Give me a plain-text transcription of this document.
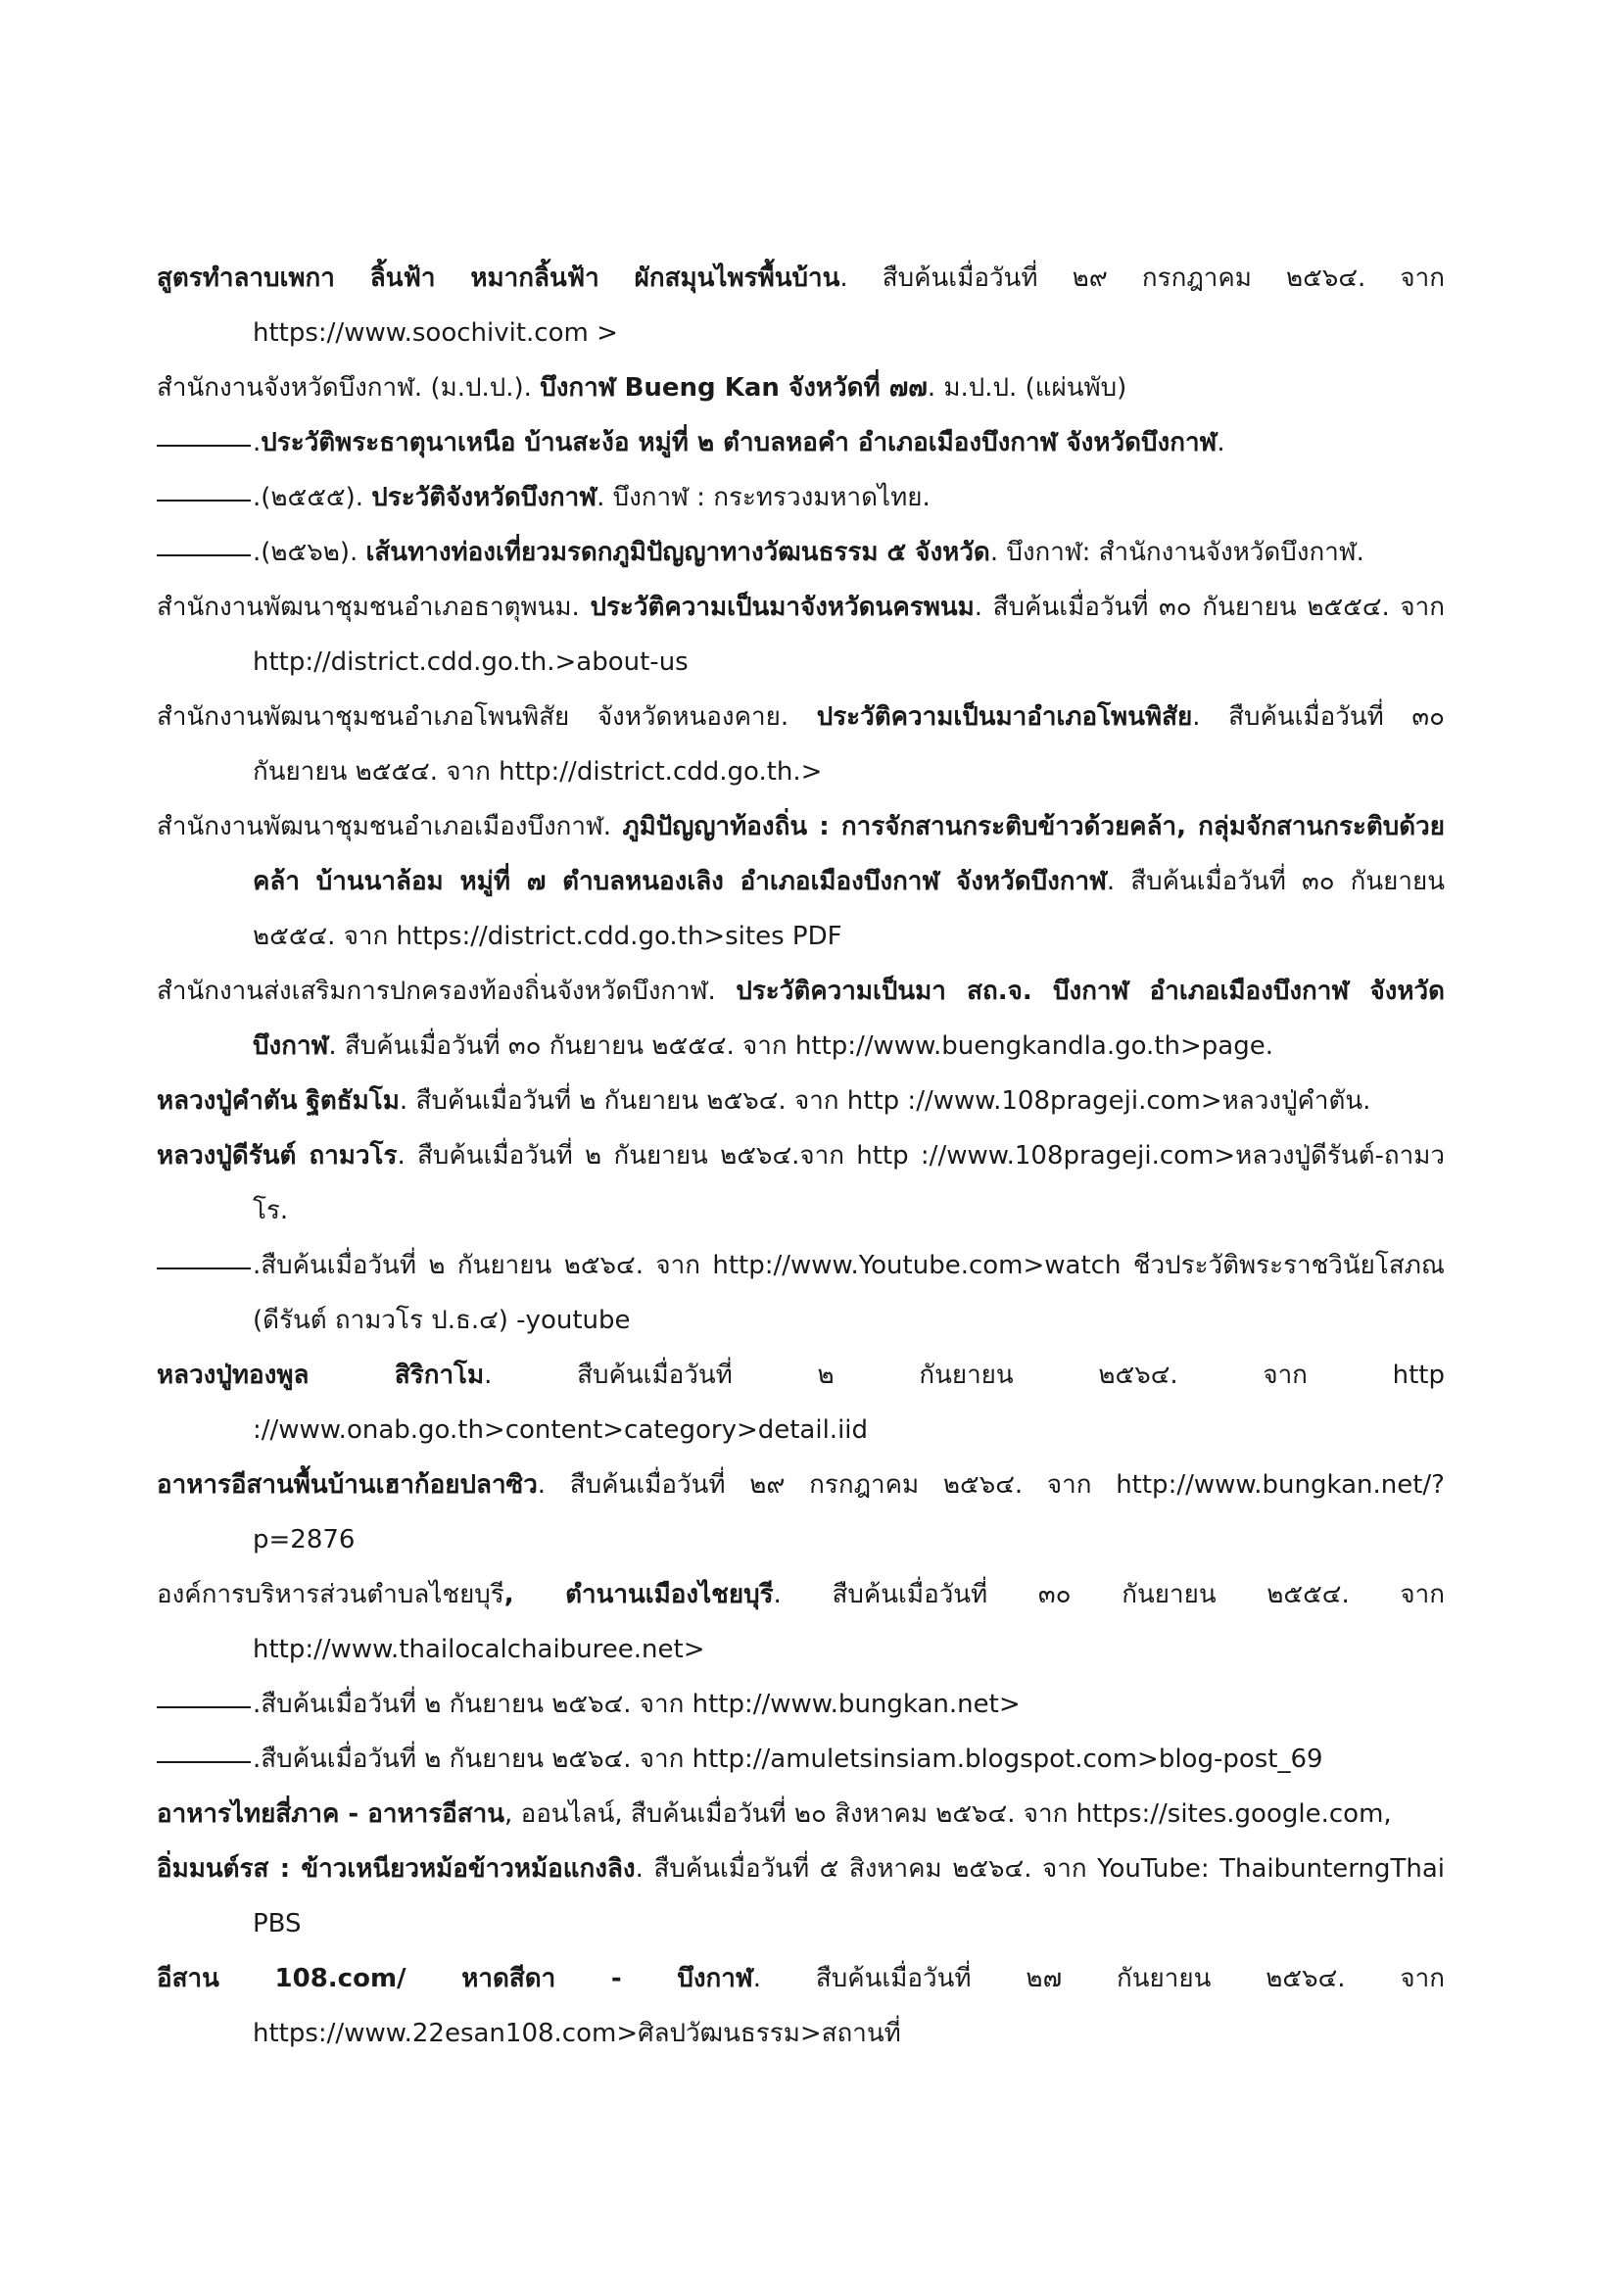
สูตรทำลาบเพกา ลิ้นฟ้า หมากลิ้นฟ้า ผักสมุนไพรพื้นบ้าน. สืบค้นเมื่อวันที่ ๒๙ กรกฎาคม ๒๕๖๔. จาก https://www.soochivit.com >
สำนักงานจังหวัดบึงกาฬ. (ม.ป.ป.). บึงกาฬ Bueng Kan จังหวัดที่ ๗๗. ม.ป.ป. (แผ่นพับ)
.ประวัติพระธาตุนาเหนือ บ้านสะง้อ หมู่ที่ ๒ ตำบลหอคำ อำเภอเมืองบึงกาฬ จังหวัดบึงกาฬ.
.(๒๕๕๕). ประวัติจังหวัดบึงกาฬ. บึงกาฬ : กระทรวงมหาดไทย.
.(๒๕๖๒). เส้นทางท่องเที่ยวมรดกภูมิปัญญาทางวัฒนธรรม ๕ จังหวัด. บึงกาฬ: สำนักงานจังหวัดบึงกาฬ.
สำนักงานพัฒนาชุมชนอำเภอธาตุพนม. ประวัติความเป็นมาจังหวัดนครพนม. สืบค้นเมื่อวันที่ ๓๐ กันยายน ๒๕๕๔. จาก http://district.cdd.go.th.>about-us
สำนักงานพัฒนาชุมชนอำเภอโพนพิสัย จังหวัดหนองคาย. ประวัติความเป็นมาอำเภอโพนพิสัย. สืบค้นเมื่อวันที่ ๓๐ กันยายน ๒๕๕๔. จาก http://district.cdd.go.th.>
สำนักงานพัฒนาชุมชนอำเภอเมืองบึงกาฬ. ภูมิปัญญาท้องถิ่น : การจักสานกระติบข้าวด้วยคล้า, กลุ่มจักสานกระติบด้วยคล้า บ้านนาล้อม หมู่ที่ ๗ ตำบลหนองเลิง อำเภอเมืองบึงกาฬ จังหวัดบึงกาฬ. สืบค้นเมื่อวันที่ ๓๐ กันยายน ๒๕๕๔. จาก https://district.cdd.go.th>sites PDF
สำนักงานส่งเสริมการปกครองท้องถิ่นจังหวัดบึงกาฬ. ประวัติความเป็นมา สถ.จ. บึงกาฬ อำเภอเมืองบึงกาฬ จังหวัดบึงกาฬ. สืบค้นเมื่อวันที่ ๓๐ กันยายน ๒๕๕๔. จาก http://www.buengkandla.go.th>page.
หลวงปู่คำตัน ฐิตธัมโม. สืบค้นเมื่อวันที่ ๒ กันยายน ๒๕๖๔. จาก http ://www.108prageji.com>หลวงปู่คำตัน.
หลวงปู่ดีรันต์ ถามวโร. สืบค้นเมื่อวันที่ ๒ กันยายน ๒๕๖๔.จาก http ://www.108prageji.com>หลวงปู่ดีรันต์-ถามวโร.
.สืบค้นเมื่อวันที่ ๒ กันยายน ๒๕๖๔. จาก http://www.Youtube.com>watch ชีวประวัติพระราชวินัยโสภณ (ดีรันต์ ถามวโร ป.ธ.๔) -youtube
หลวงปู่ทองพูล สิริกาโม. สืบค้นเมื่อวันที่ ๒ กันยายน ๒๕๖๔. จาก http ://www.onab.go.th>content>category>detail.iid
อาหารอีสานพื้นบ้านเฮาก้อยปลาซิว. สืบค้นเมื่อวันที่ ๒๙ กรกฎาคม ๒๕๖๔. จาก http://www.bungkan.net/?p=2876
องค์การบริหารส่วนตำบลไชยบุรี, ตำนานเมืองไชยบุรี. สืบค้นเมื่อวันที่ ๓๐ กันยายน ๒๕๕๔. จาก http://www.thailocalchaiburee.net>
.สืบค้นเมื่อวันที่ ๒ กันยายน ๒๕๖๔. จาก http://www.bungkan.net>
.สืบค้นเมื่อวันที่ ๒ กันยายน ๒๕๖๔. จาก http://amuletsinsiam.blogspot.com>blog-post_69
อาหารไทยสี่ภาค - อาหารอีสาน, ออนไลน์, สืบค้นเมื่อวันที่ ๒๐ สิงหาคม ๒๕๖๔. จาก https://sites.google.com,
อิ่มมนต์รส : ข้าวเหนียวหม้อข้าวหม้อแกงลิง. สืบค้นเมื่อวันที่ ๕ สิงหาคม ๒๕๖๔. จาก YouTube: ThaibunterngThai PBS
อีสาน 108.com/ หาดสีดา - บึงกาฬ. สืบค้นเมื่อวันที่ ๒๗ กันยายน ๒๕๖๔. จาก https://www.22esan108.com>ศิลปวัฒนธรรม>สถานที่
